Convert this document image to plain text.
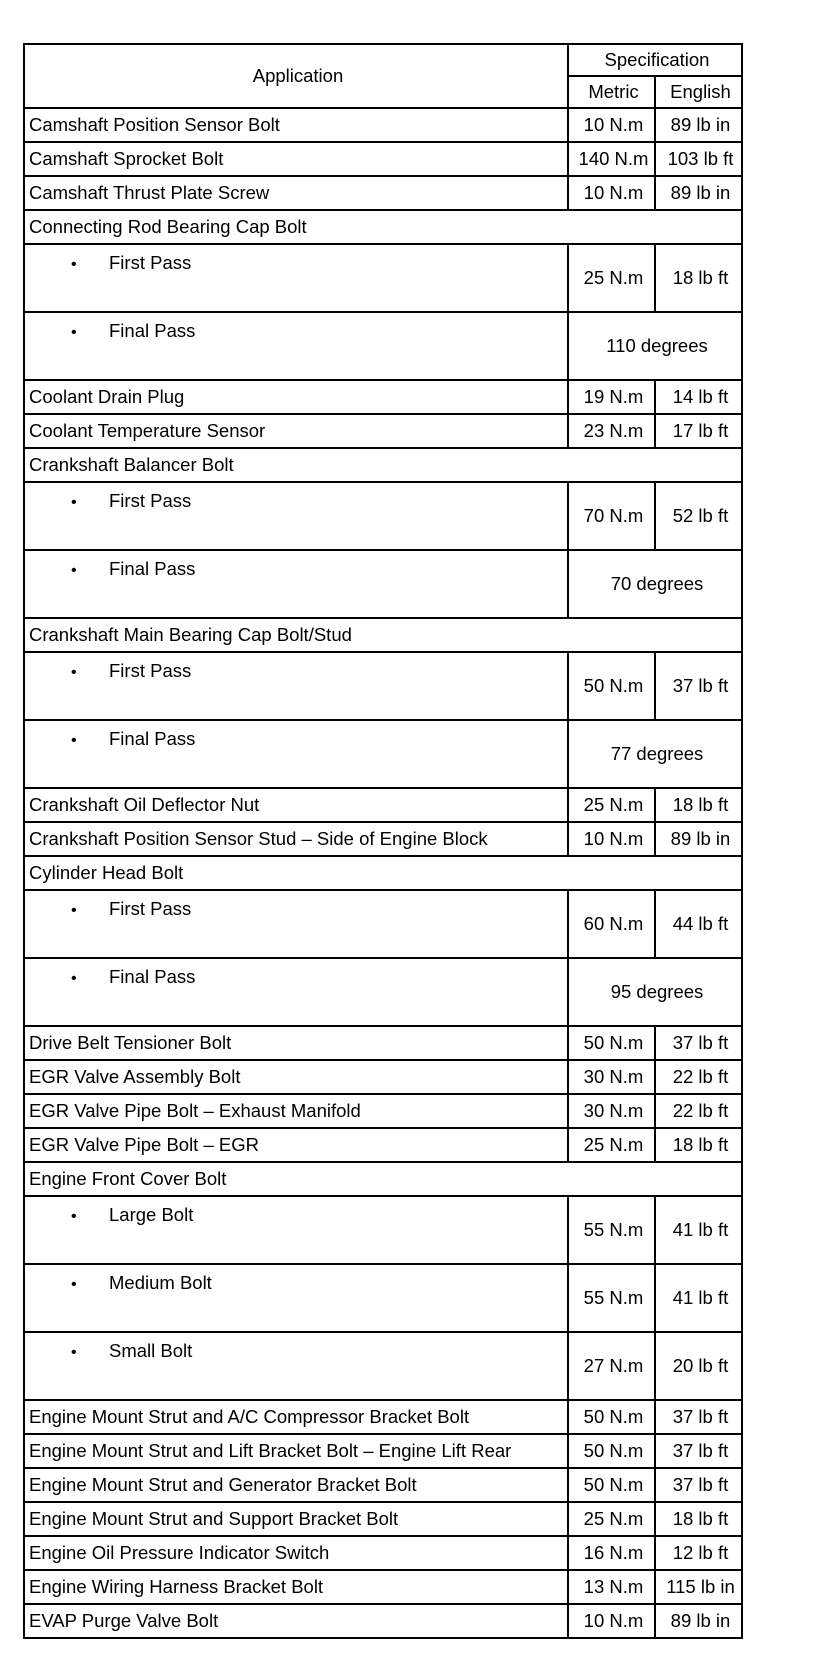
Application	Specification	
	Metric	English
Camshaft Position Sensor Bolt	10 N.m	89 lb in
Camshaft Sprocket Bolt	140 N.m	103 lb ft
Camshaft Thrust Plate Screw	10 N.m	89 lb in
Connecting Rod Bearing Cap Bolt		
• First Pass	25 N.m	18 lb ft
• Final Pass	110 degrees	
Coolant Drain Plug	19 N.m	14 lb ft
Coolant Temperature Sensor	23 N.m	17 lb ft
Crankshaft Balancer Bolt		
• First Pass	70 N.m	52 lb ft
• Final Pass	70 degrees	
Crankshaft Main Bearing Cap Bolt/Stud		
• First Pass	50 N.m	37 lb ft
• Final Pass	77 degrees	
Crankshaft Oil Deflector Nut	25 N.m	18 lb ft
Crankshaft Position Sensor Stud – Side of Engine Block	10 N.m	89 lb in
Cylinder Head Bolt		
• First Pass	60 N.m	44 lb ft
• Final Pass	95 degrees	
Drive Belt Tensioner Bolt	50 N.m	37 lb ft
EGR Valve Assembly Bolt	30 N.m	22 lb ft
EGR Valve Pipe Bolt – Exhaust Manifold	30 N.m	22 lb ft
EGR Valve Pipe Bolt – EGR	25 N.m	18 lb ft
Engine Front Cover Bolt		
• Large Bolt	55 N.m	41 lb ft
• Medium Bolt	55 N.m	41 lb ft
• Small Bolt	27 N.m	20 lb ft
Engine Mount Strut and A/C Compressor Bracket Bolt	50 N.m	37 lb ft
Engine Mount Strut and Lift Bracket Bolt – Engine Lift Rear	50 N.m	37 lb ft
Engine Mount Strut and Generator Bracket Bolt	50 N.m	37 lb ft
Engine Mount Strut and Support Bracket Bolt	25 N.m	18 lb ft
Engine Oil Pressure Indicator Switch	16 N.m	12 lb ft
Engine Wiring Harness Bracket Bolt	13 N.m	115 lb in
EVAP Purge Valve Bolt	10 N.m	89 lb in
